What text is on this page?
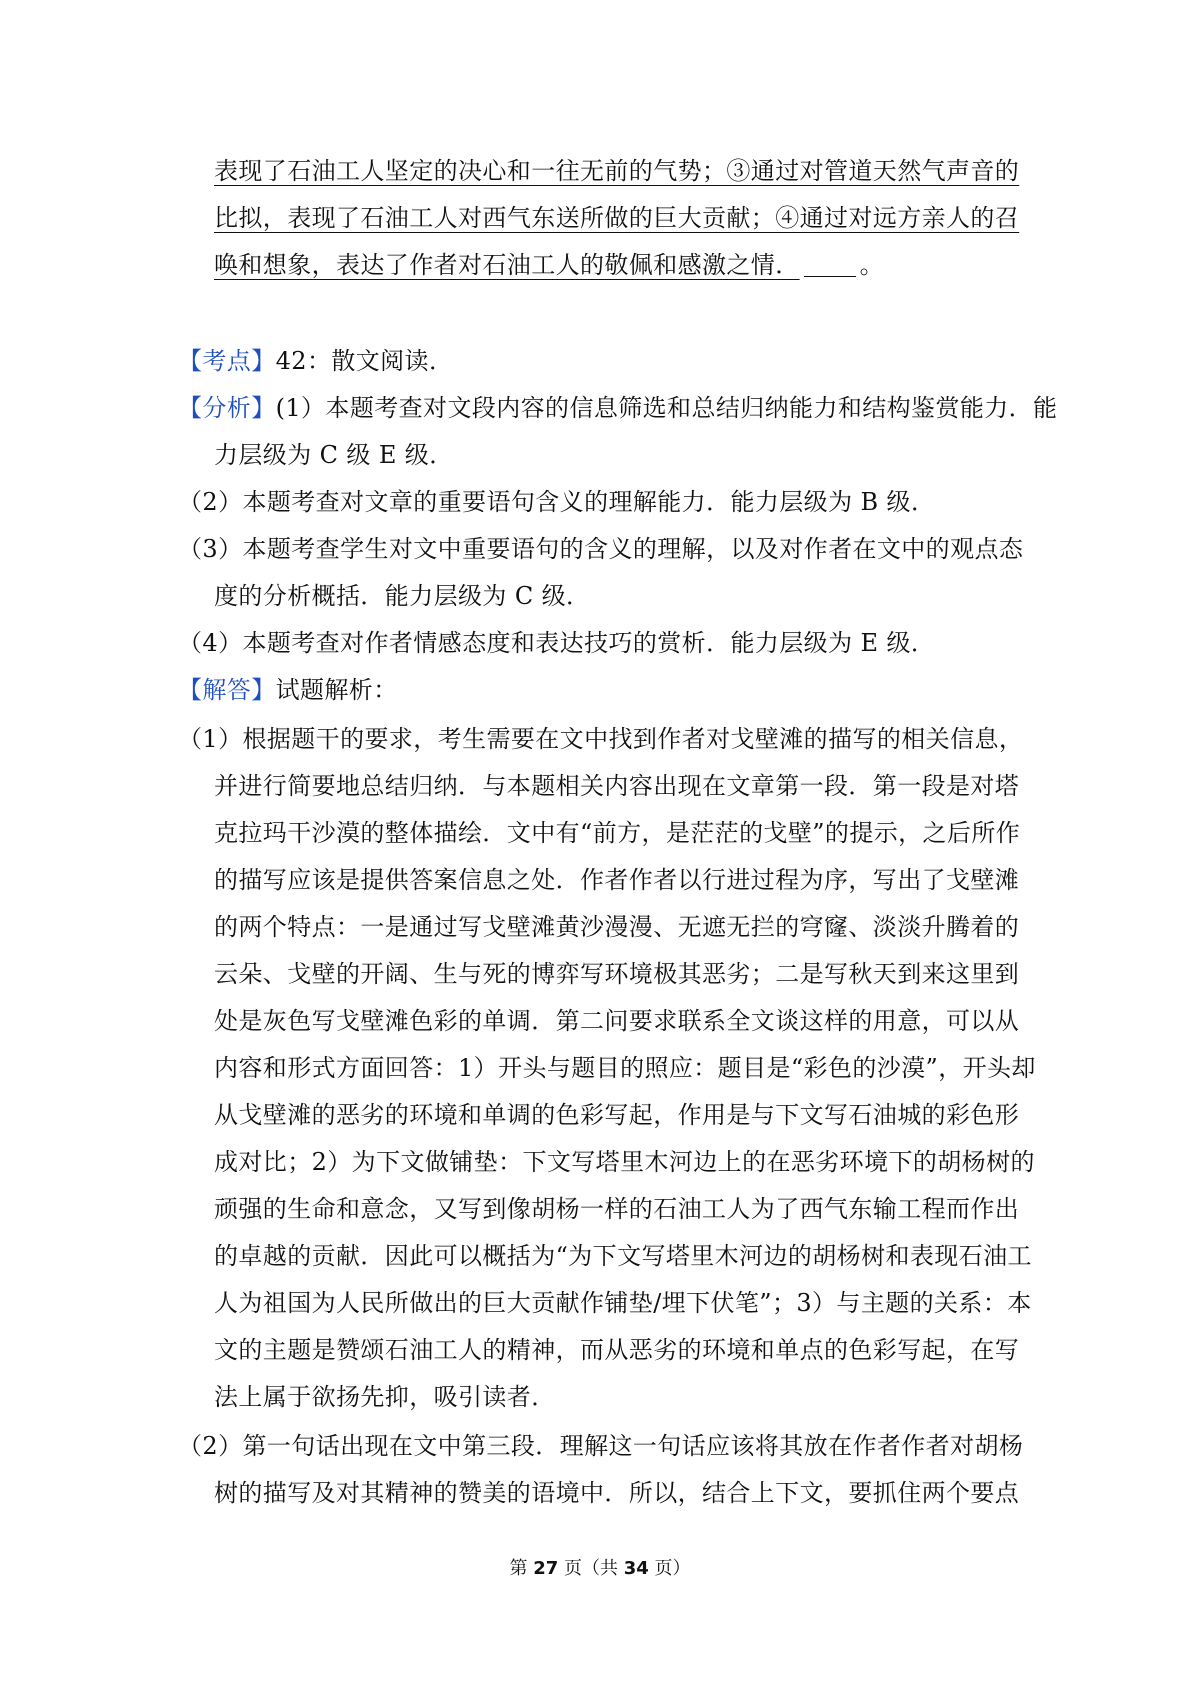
表现了石油工人坚定的决心和一往无前的气势；③通过对管道天然气声音的
比拟，表现了石油工人对西气东送所做的巨大贡献；④通过对远方亲人的召
唤和想象，表达了作者对石油工人的敬佩和感激之情．	。
【考点】42：散文阅读．
【分析】(1）本题考查对文段内容的信息筛选和总结归纳能力和结构鉴赏能力．能
力层级为 C 级 E 级．
（2）本题考查对文章的重要语句含义的理解能力．能力层级为 B 级．
（3）本题考查学生对文中重要语句的含义的理解，以及对作者在文中的观点态
度的分析概括．能力层级为 C 级．
（4）本题考查对作者情感态度和表达技巧的赏析．能力层级为 E 级．
【解答】试题解析：
（1）根据题干的要求，考生需要在文中找到作者对戈壁滩的描写的相关信息，
并进行简要地总结归纳．与本题相关内容出现在文章第一段．第一段是对塔
克拉玛干沙漠的整体描绘．文中有“前方，是茫茫的戈壁”的提示，之后所作
的描写应该是提供答案信息之处．作者作者以行进过程为序，写出了戈壁滩
的两个特点：一是通过写戈壁滩黄沙漫漫、无遮无拦的穹窿、淡淡升腾着的
云朵、戈壁的开阔、生与死的博弈写环境极其恶劣；二是写秋天到来这里到
处是灰色写戈壁滩色彩的单调．第二问要求联系全文谈这样的用意，可以从
内容和形式方面回答：1）开头与题目的照应：题目是“彩色的沙漠”，开头却
从戈壁滩的恶劣的环境和单调的色彩写起，作用是与下文写石油城的彩色形
成对比；2）为下文做铺垫：下文写塔里木河边上的在恶劣环境下的胡杨树的
顽强的生命和意念，又写到像胡杨一样的石油工人为了西气东输工程而作出
的卓越的贡献．因此可以概括为“为下文写塔里木河边的胡杨树和表现石油工
人为祖国为人民所做出的巨大贡献作铺垫/埋下伏笔”；3）与主题的关系：本
文的主题是赞颂石油工人的精神，而从恶劣的环境和单点的色彩写起，在写
法上属于欲扬先抑，吸引读者．
（2）第一句话出现在文中第三段．理解这一句话应该将其放在作者作者对胡杨
树的描写及对其精神的赞美的语境中．所以，结合上下文，要抓住两个要点
第 27 页（共 34 页）
